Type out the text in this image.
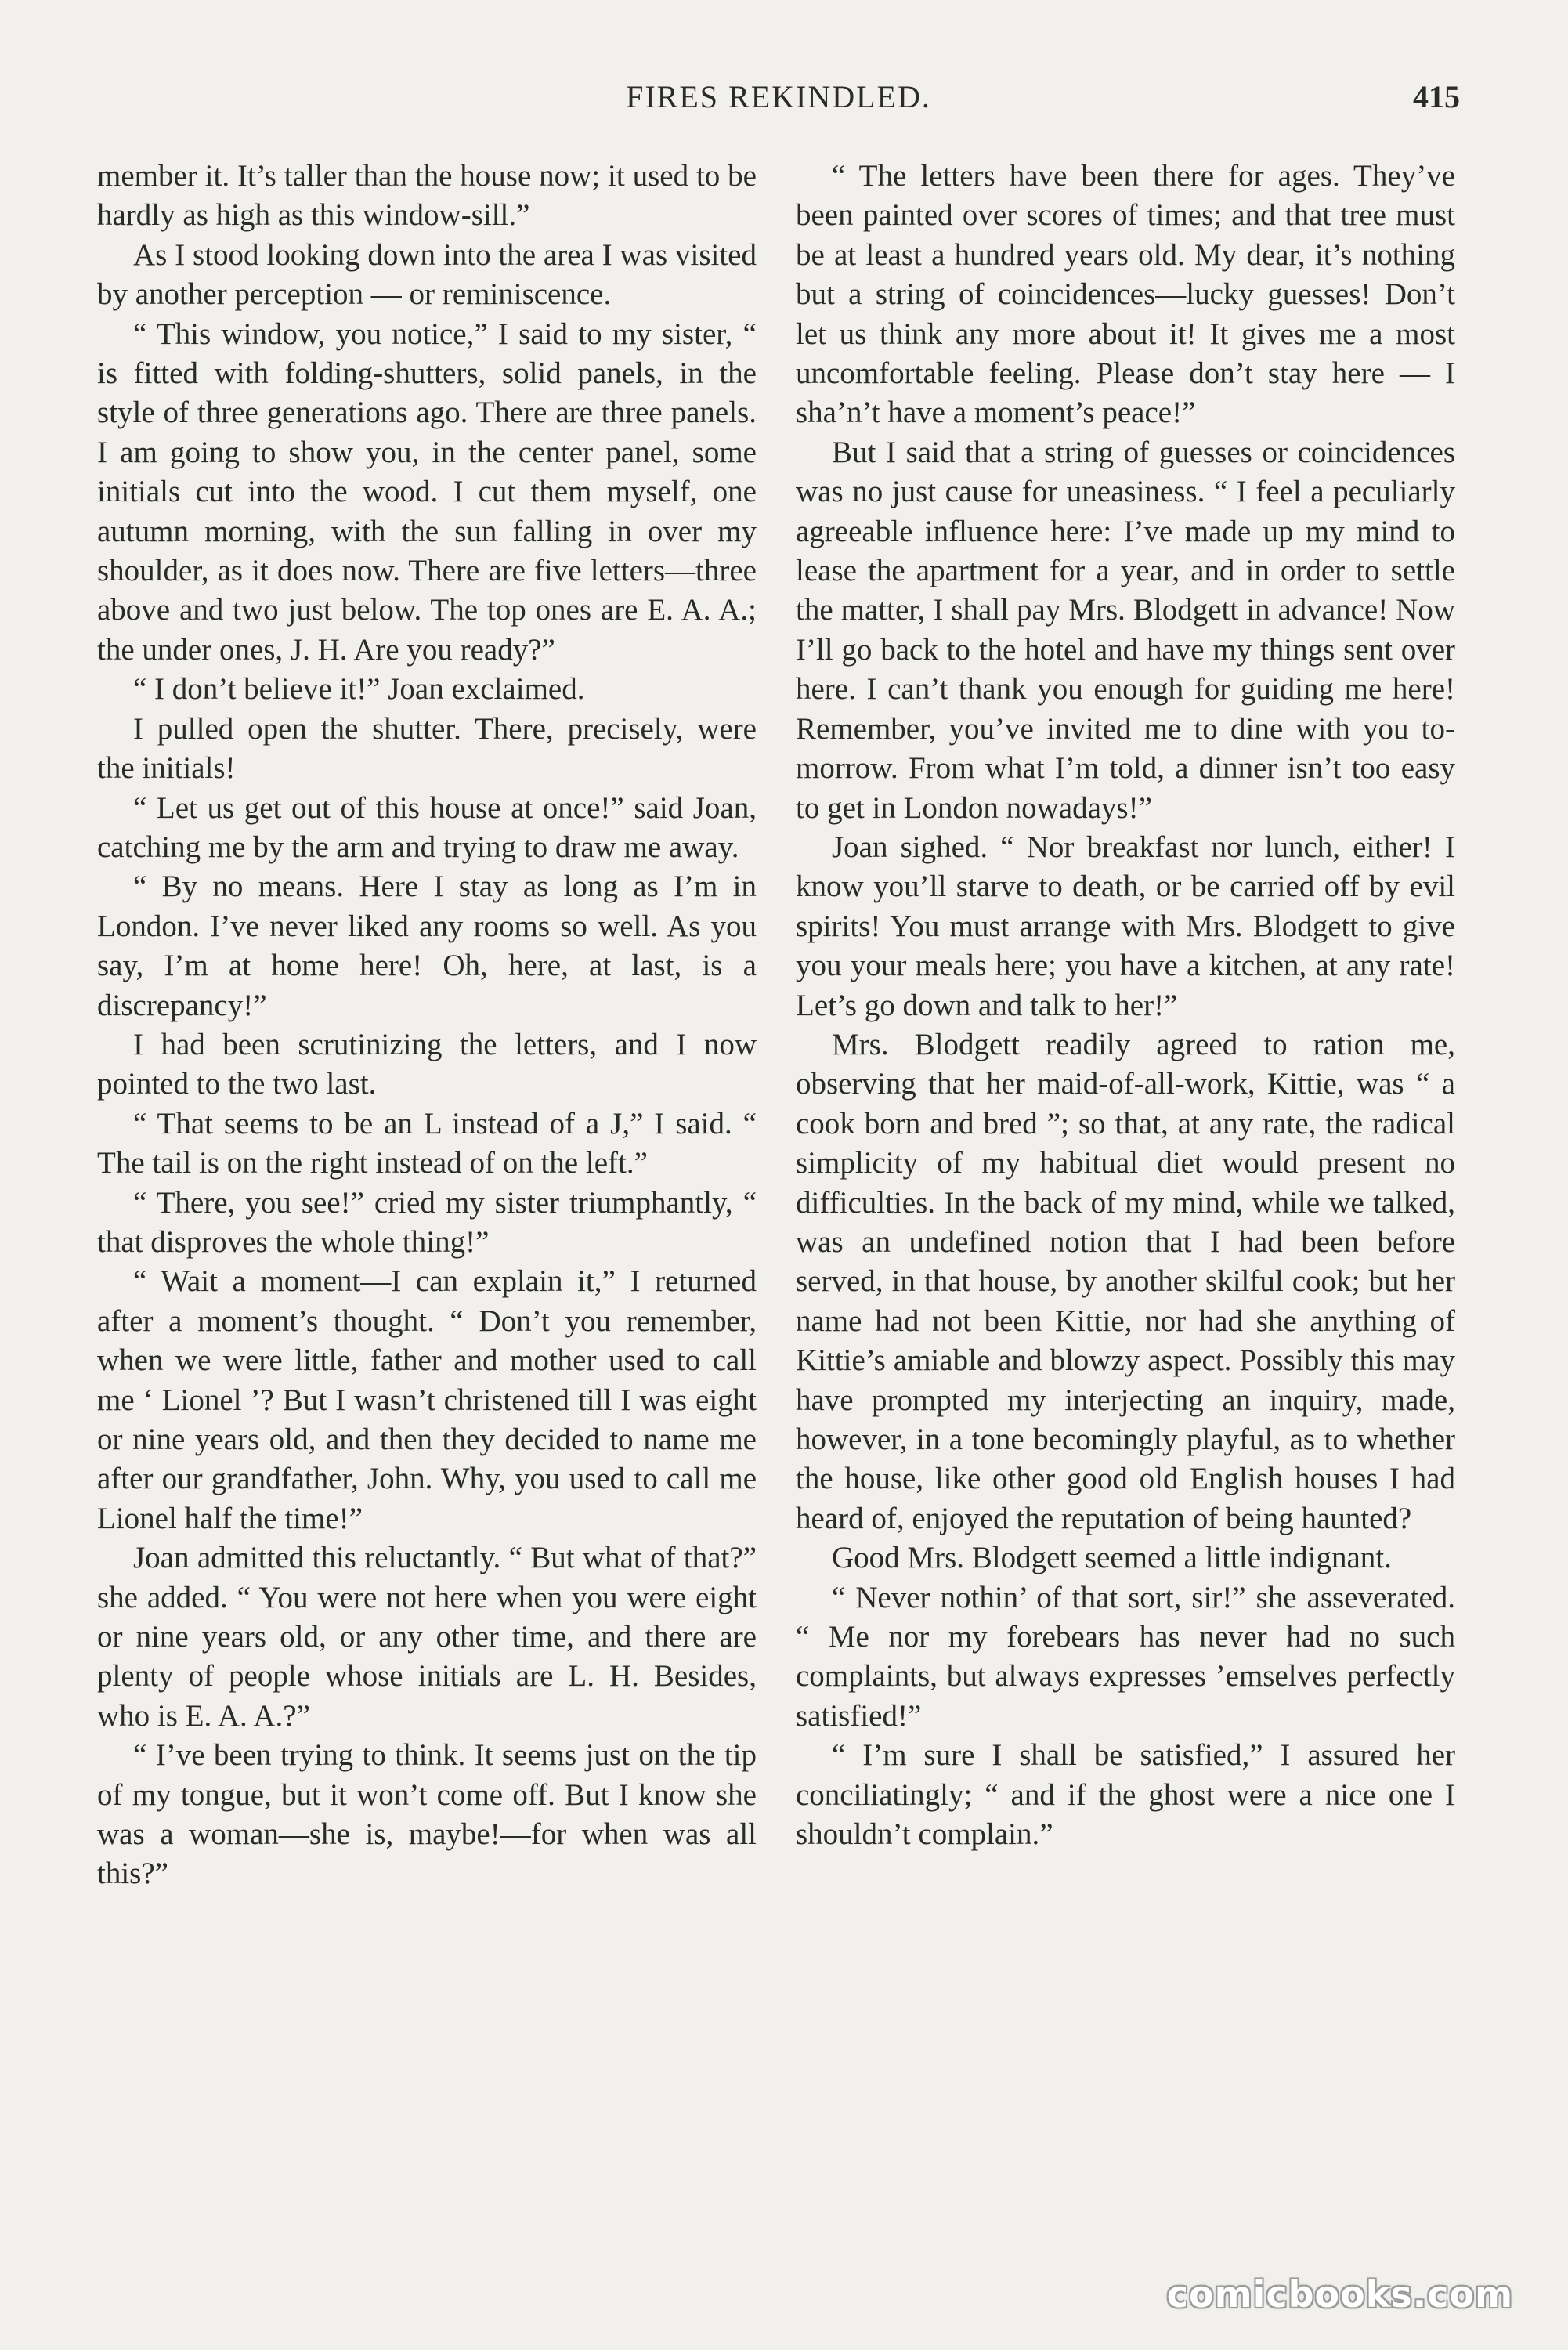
FIRES REKINDLED.	415

member it. It’s taller than the house now; it used to be hardly as high as this window-sill.”

As I stood looking down into the area I was visited by another perception — or reminiscence.

“ This window, you notice,” I said to my sister, “ is fitted with folding-shutters, solid panels, in the style of three generations ago. There are three panels. I am going to show you, in the center panel, some initials cut into the wood. I cut them myself, one autumn morning, with the sun falling in over my shoulder, as it does now. There are five letters—three above and two just below. The top ones are E. A. A.; the under ones, J. H. Are you ready?”

“ I don’t believe it!” Joan exclaimed.

I pulled open the shutter. There, precisely, were the initials!

“ Let us get out of this house at once!” said Joan, catching me by the arm and trying to draw me away.

“ By no means. Here I stay as long as I’m in London. I’ve never liked any rooms so well. As you say, I’m at home here! Oh, here, at last, is a discrepancy!”

I had been scrutinizing the letters, and I now pointed to the two last.

“ That seems to be an L instead of a J,” I said. “ The tail is on the right instead of on the left.”

“ There, you see!” cried my sister triumphantly, “ that disproves the whole thing!”

“ Wait a moment—I can explain it,” I returned after a moment’s thought. “ Don’t you remember, when we were little, father and mother used to call me ‘ Lionel ’? But I wasn’t christened till I was eight or nine years old, and then they decided to name me after our grandfather, John. Why, you used to call me Lionel half the time!”

Joan admitted this reluctantly. “ But what of that?” she added. “ You were not here when you were eight or nine years old, or any other time, and there are plenty of people whose initials are L. H. Besides, who is E. A. A.?”

“ I’ve been trying to think. It seems just on the tip of my tongue, but it won’t come off. But I know she was a woman—she is, maybe!—for when was all this?”

“ The letters have been there for ages. They’ve been painted over scores of times; and that tree must be at least a hundred years old. My dear, it’s nothing but a string of coincidences—lucky guesses! Don’t let us think any more about it! It gives me a most uncomfortable feeling. Please don’t stay here — I sha’n’t have a moment’s peace!”

But I said that a string of guesses or coincidences was no just cause for uneasiness. “ I feel a peculiarly agreeable influence here: I’ve made up my mind to lease the apartment for a year, and in order to settle the matter, I shall pay Mrs. Blodgett in advance! Now I’ll go back to the hotel and have my things sent over here. I can’t thank you enough for guiding me here! Remember, you’ve invited me to dine with you to-morrow. From what I’m told, a dinner isn’t too easy to get in London nowadays!”

Joan sighed. “ Nor breakfast nor lunch, either! I know you’ll starve to death, or be carried off by evil spirits! You must arrange with Mrs. Blodgett to give you your meals here; you have a kitchen, at any rate! Let’s go down and talk to her!”

Mrs. Blodgett readily agreed to ration me, observing that her maid-of-all-work, Kittie, was “ a cook born and bred ”; so that, at any rate, the radical simplicity of my habitual diet would present no difficulties. In the back of my mind, while we talked, was an undefined notion that I had been before served, in that house, by another skilful cook; but her name had not been Kittie, nor had she anything of Kittie’s amiable and blowzy aspect. Possibly this may have prompted my interjecting an inquiry, made, however, in a tone becomingly playful, as to whether the house, like other good old English houses I had heard of, enjoyed the reputation of being haunted?

Good Mrs. Blodgett seemed a little indignant.

“ Never nothin’ of that sort, sir!” she asseverated. “ Me nor my forebears has never had no such complaints, but always expresses ’emselves perfectly satisfied!”

“ I’m sure I shall be satisfied,” I assured her conciliatingly; “ and if the ghost were a nice one I shouldn’t complain.”

comicbooks.com
